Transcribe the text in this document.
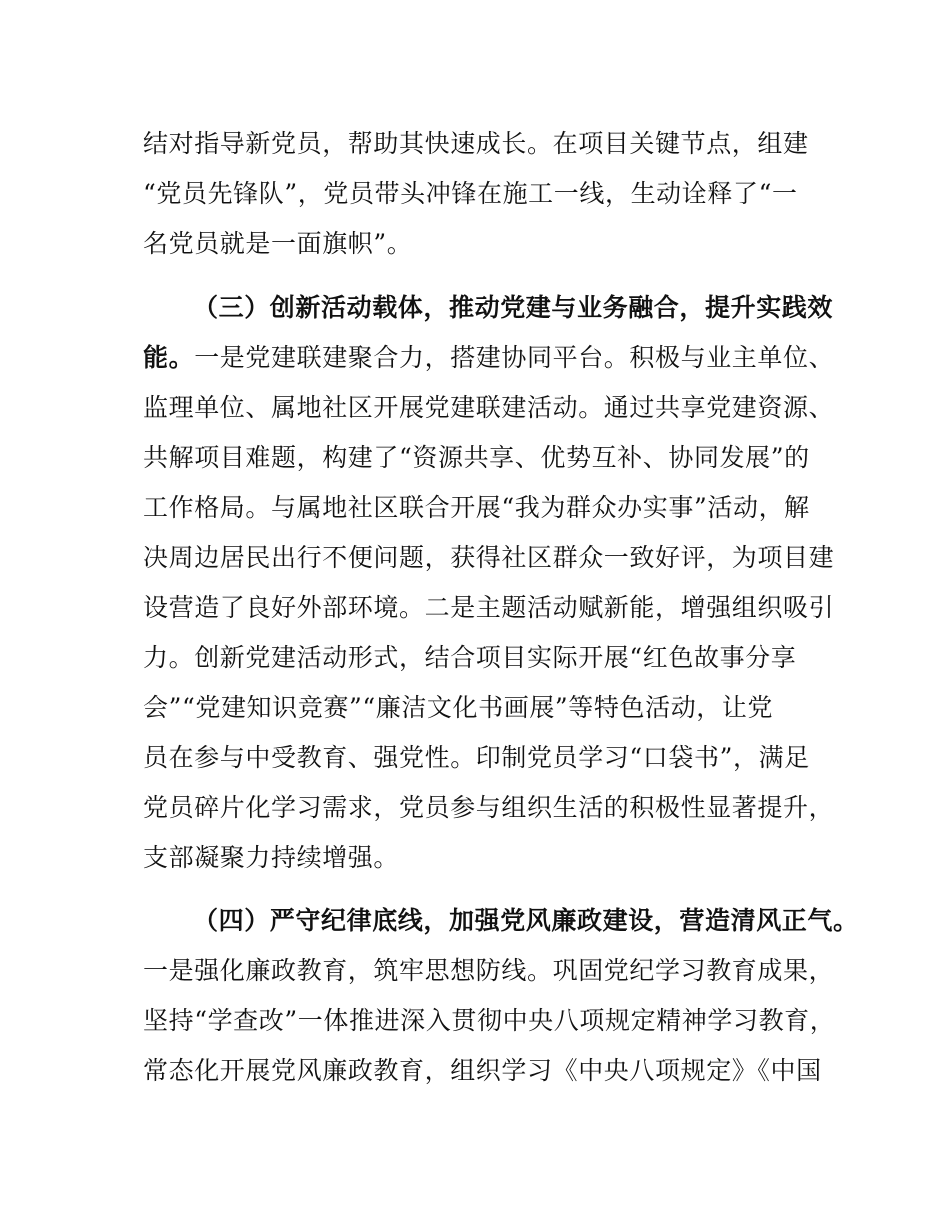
结对指导新党员，帮助其快速成长。在项目关键节点，组建
“党员先锋队”，党员带头冲锋在施工一线，生动诠释了“一
名党员就是一面旗帜”。
（三）创新活动载体，推动党建与业务融合，提升实践效
能。一是党建联建聚合力，搭建协同平台。积极与业主单位、
监理单位、属地社区开展党建联建活动。通过共享党建资源、
共解项目难题，构建了“资源共享、优势互补、协同发展”的
工作格局。与属地社区联合开展“我为群众办实事”活动，解
决周边居民出行不便问题，获得社区群众一致好评，为项目建
设营造了良好外部环境。二是主题活动赋新能，增强组织吸引
力。创新党建活动形式，结合项目实际开展“红色故事分享
会”“党建知识竞赛”“廉洁文化书画展”等特色活动，让党
员在参与中受教育、强党性。印制党员学习“口袋书”，满足
党员碎片化学习需求，党员参与组织生活的积极性显著提升，
支部凝聚力持续增强。
（四）严守纪律底线，加强党风廉政建设，营造清风正气。
一是强化廉政教育，筑牢思想防线。巩固党纪学习教育成果，
坚持“学查改”一体推进深入贯彻中央八项规定精神学习教育，
常态化开展党风廉政教育，组织学习《中央八项规定》《中国
